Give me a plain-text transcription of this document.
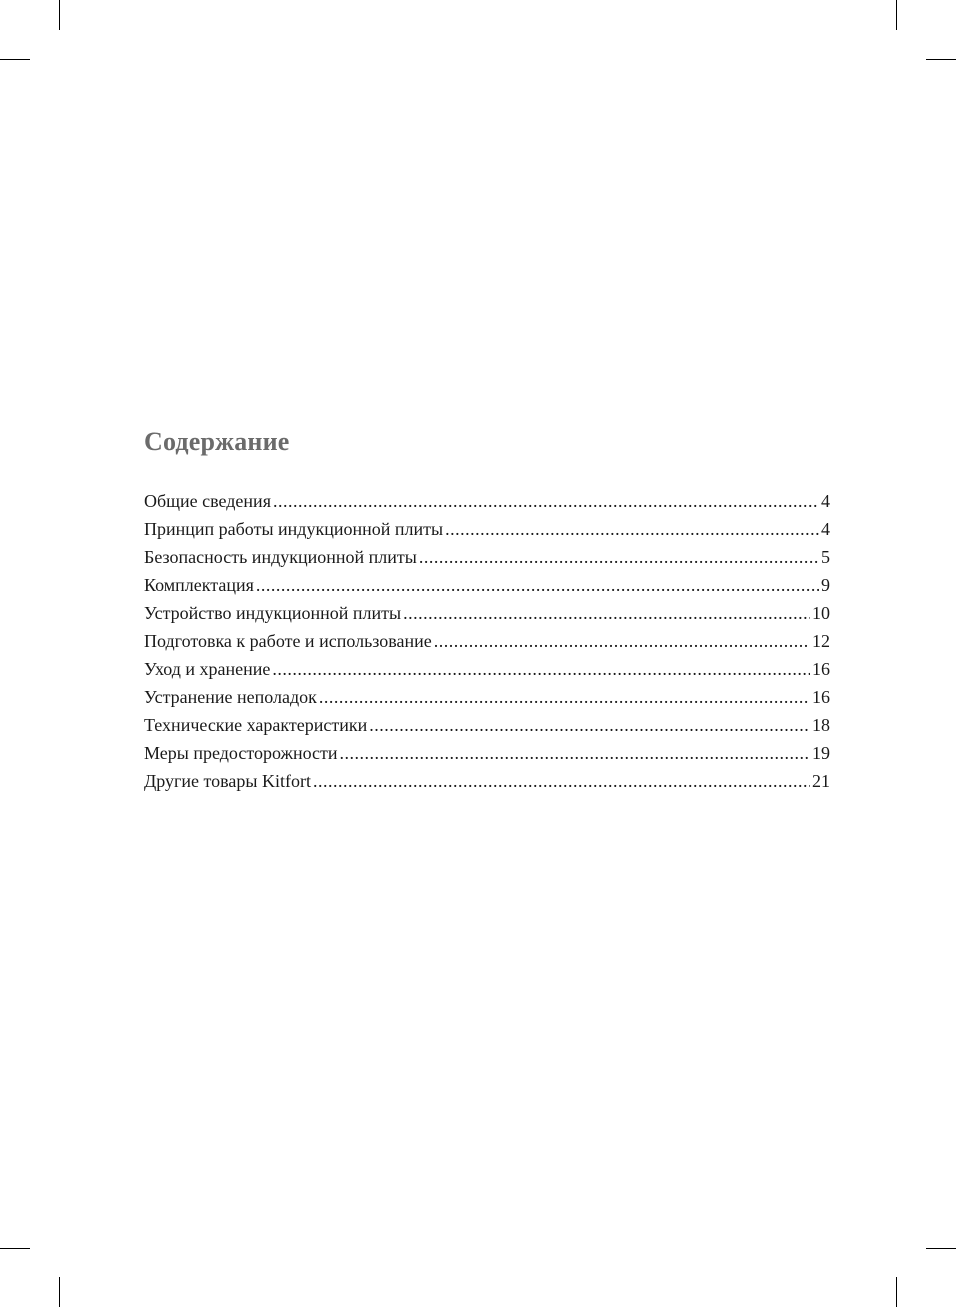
Содержание
Общие сведения .....	4
Принцип работы индукционной плиты .....	4
Безопасность индукционной плиты .....	5
Комплектация .....	9
Устройство индукционной плиты .....	10
Подготовка к работе и использование .....	12
Уход и хранение .....	16
Устранение неполадок .....	16
Технические характеристики .....	18
Меры предосторожности .....	19
Другие товары Kitfort .....	21
